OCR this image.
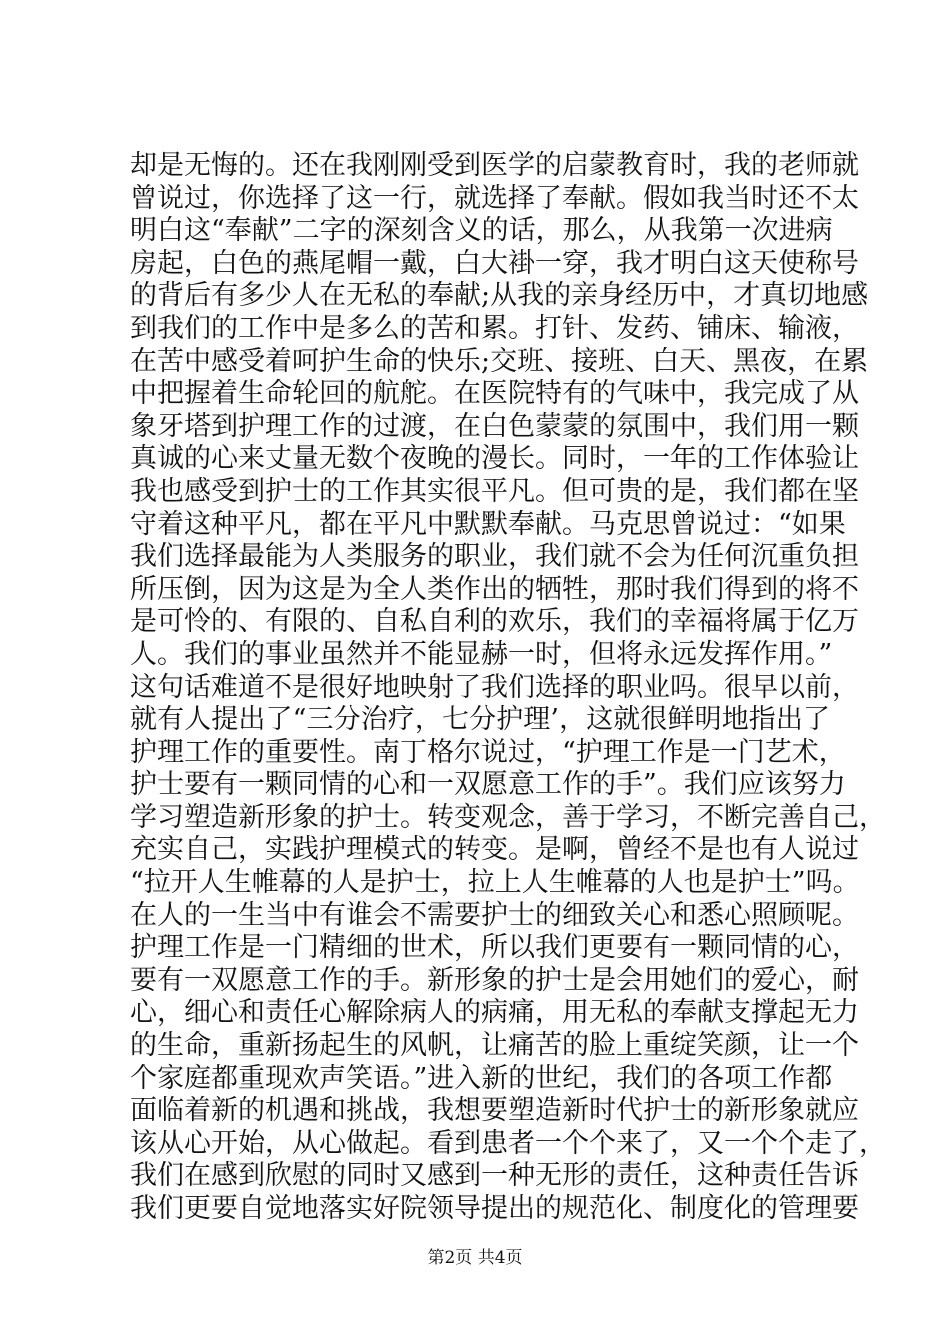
却是无悔的。还在我刚刚受到医学的启蒙教育时，我的老师就
曾说过，你选择了这一行，就选择了奉献。假如我当时还不太
明白这“奉献”二字的深刻含义的话，那么，从我第一次进病
房起，白色的燕尾帽一戴，白大褂一穿，我才明白这天使称号
的背后有多少人在无私的奉献;从我的亲身经历中，才真切地感
到我们的工作中是多么的苦和累。打针、发药、铺床、输液，
在苦中感受着呵护生命的快乐;交班、接班、白天、黑夜，在累
中把握着生命轮回的航舵。在医院特有的气味中，我完成了从
象牙塔到护理工作的过渡，在白色蒙蒙的氛围中，我们用一颗
真诚的心来丈量无数个夜晚的漫长。同时，一年的工作体验让
我也感受到护士的工作其实很平凡。但可贵的是，我们都在坚
守着这种平凡，都在平凡中默默奉献。马克思曾说过：“如果
我们选择最能为人类服务的职业，我们就不会为任何沉重负担
所压倒，因为这是为全人类作出的牺牲，那时我们得到的将不
是可怜的、有限的、自私自利的欢乐，我们的幸福将属于亿万
人。我们的事业虽然并不能显赫一时，但将永远发挥作用。”
这句话难道不是很好地映射了我们选择的职业吗。很早以前，
就有人提出了“三分治疗，七分护理’，这就很鲜明地指出了
护理工作的重要性。南丁格尔说过，“护理工作是一门艺术，
护士要有一颗同情的心和一双愿意工作的手”。我们应该努力
学习塑造新形象的护士。转变观念，善于学习，不断完善自己，
充实自己，实践护理模式的转变。是啊，曾经不是也有人说过
“拉开人生帷幕的人是护士，拉上人生帷幕的人也是护士”吗。
在人的一生当中有谁会不需要护士的细致关心和悉心照顾呢。
护理工作是一门精细的世术，所以我们更要有一颗同情的心，
要有一双愿意工作的手。新形象的护士是会用她们的爱心，耐
心，细心和责任心解除病人的病痛，用无私的奉献支撑起无力
的生命，重新扬起生的风帆，让痛苦的脸上重绽笑颜，让一个
个家庭都重现欢声笑语。”进入新的世纪，我们的各项工作都
面临着新的机遇和挑战，我想要塑造新时代护士的新形象就应
该从心开始，从心做起。看到患者一个个来了，又一个个走了，
我们在感到欣慰的同时又感到一种无形的责任，这种责任告诉
我们更要自觉地落实好院领导提出的规范化、制度化的管理要
第2页 共4页
